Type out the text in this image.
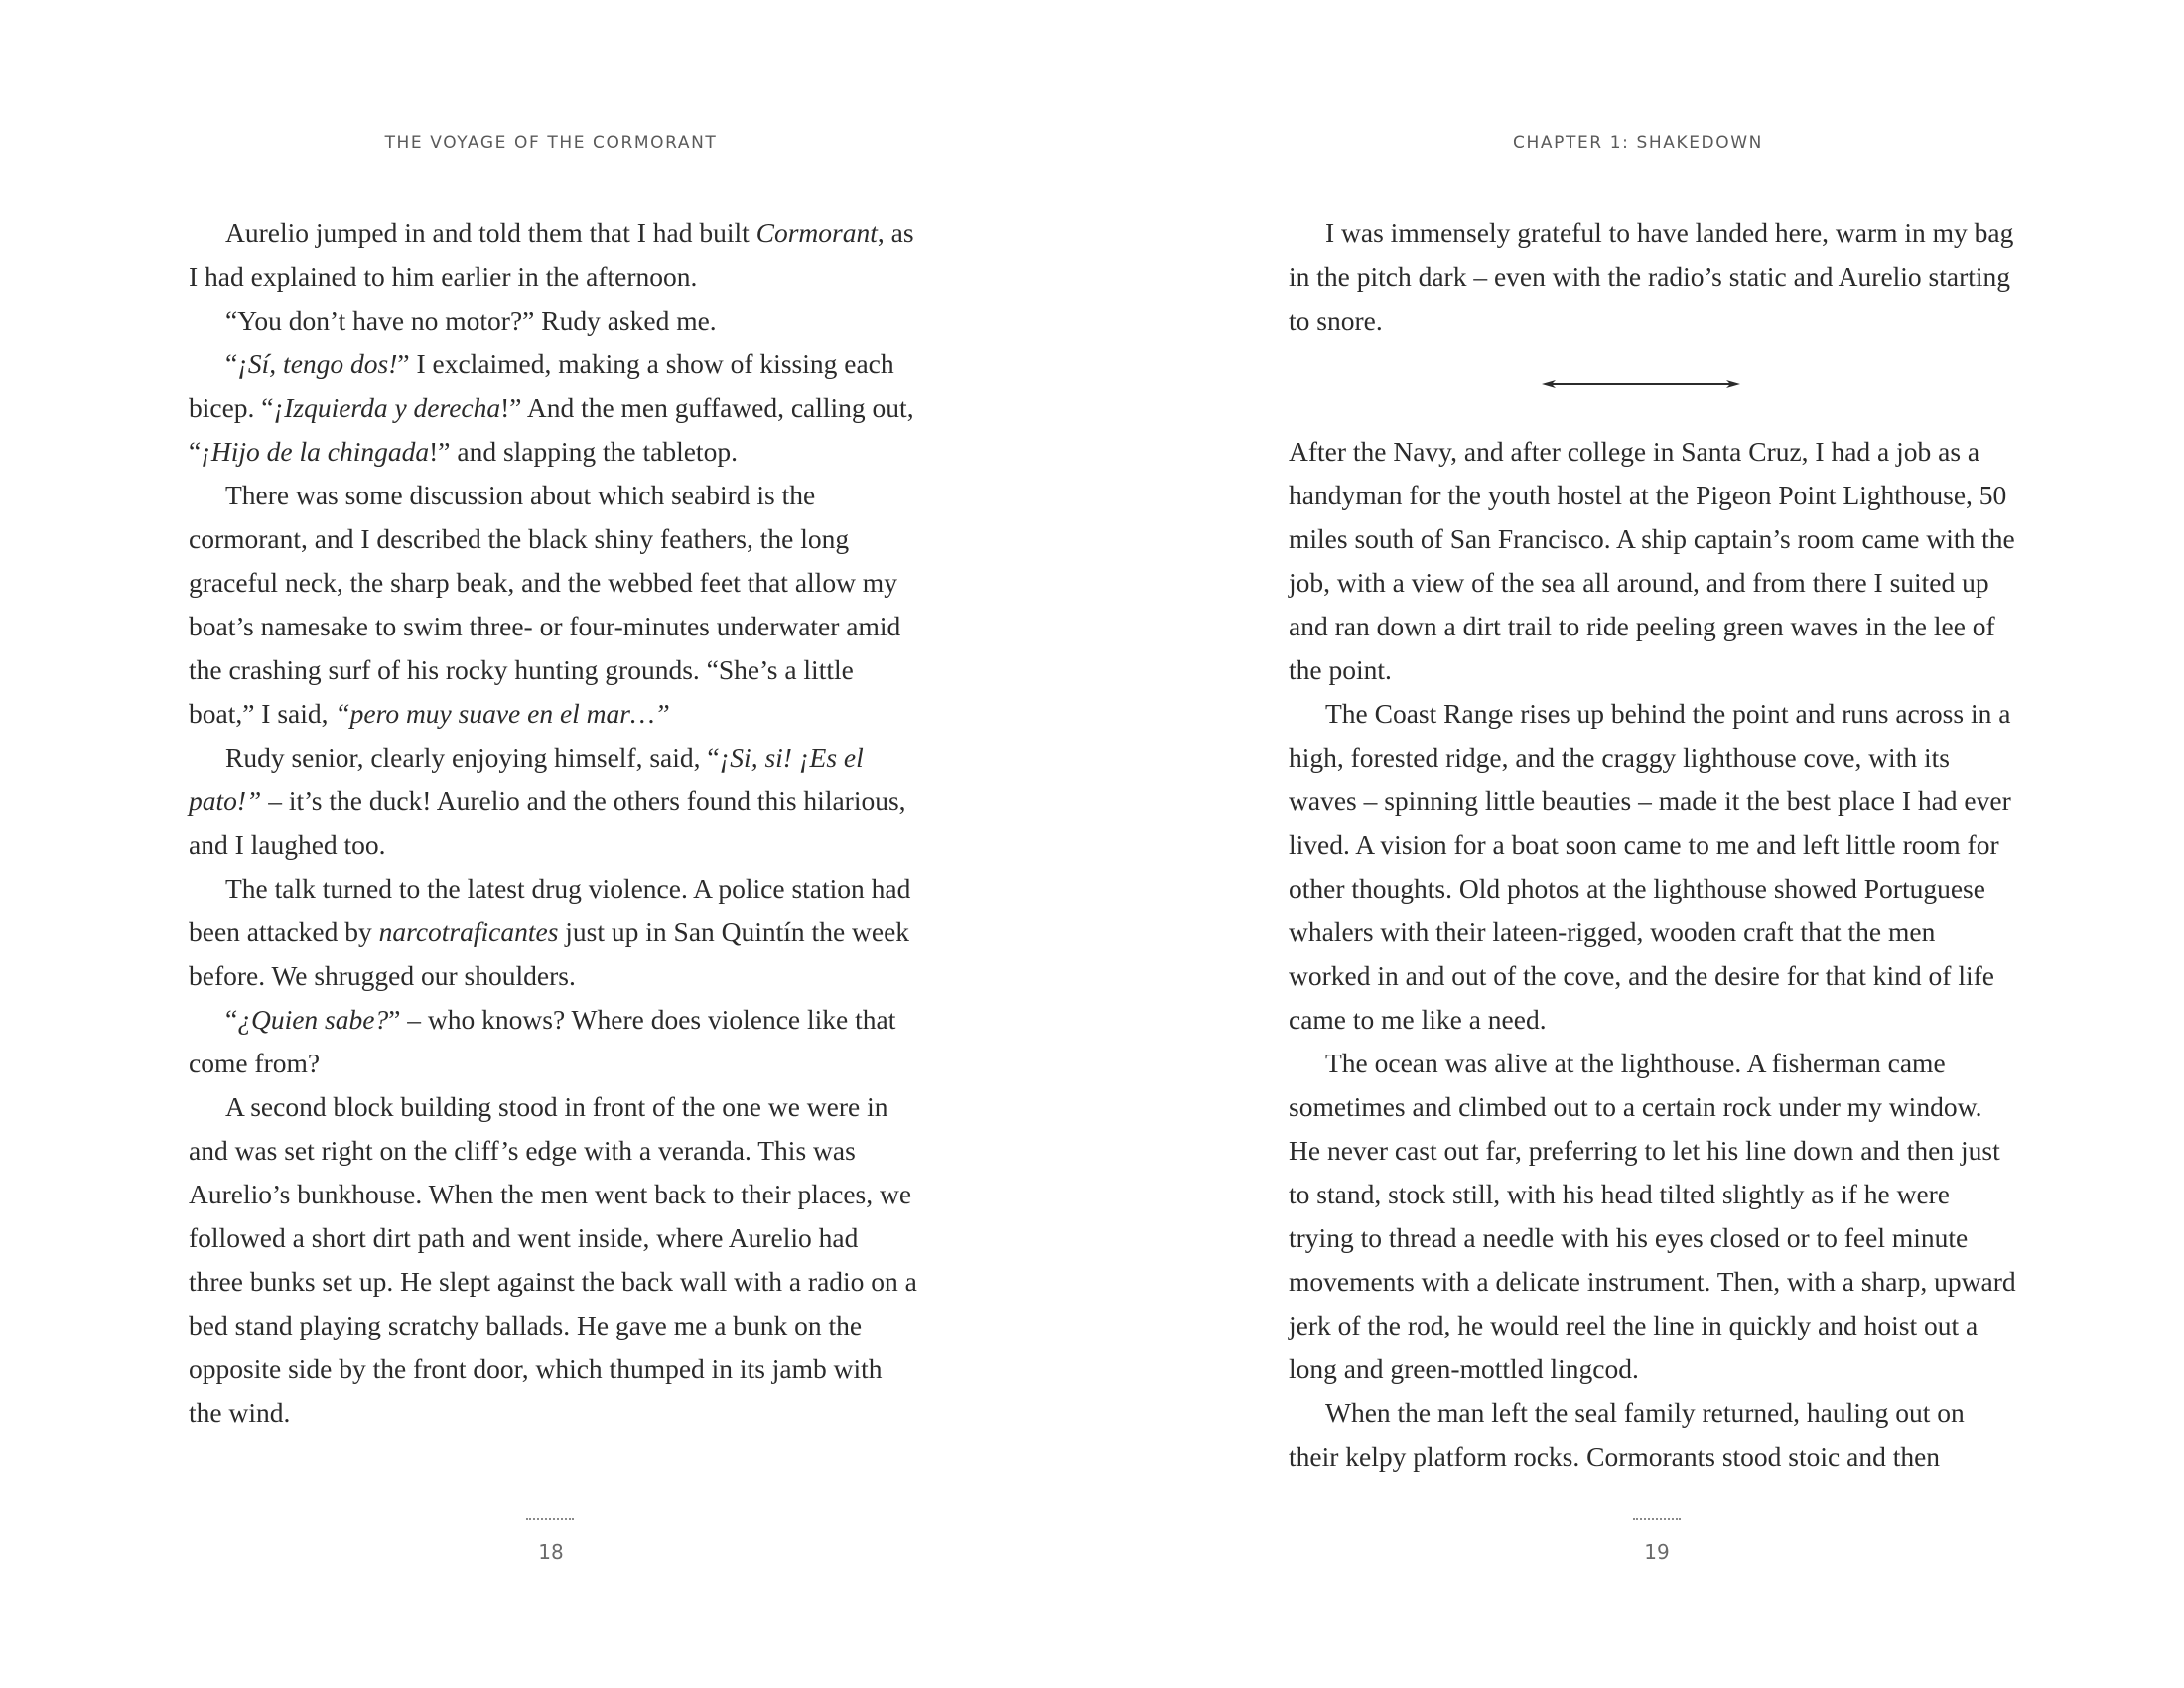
THE VOYAGE OF THE CORMORANT

Aurelio jumped in and told them that I had built Cormorant, as I had explained to him earlier in the afternoon.

“You don’t have no motor?” Rudy asked me.

“¡Sí, tengo dos!” I exclaimed, making a show of kissing each bicep. “¡Izquierda y derecha!” And the men guffawed, calling out, “¡Hijo de la chingada!” and slapping the tabletop.

There was some discussion about which seabird is the cormorant, and I described the black shiny feathers, the long graceful neck, the sharp beak, and the webbed feet that allow my boat’s namesake to swim three- or four-minutes underwater amid the crashing surf of his rocky hunting grounds. “She’s a little boat,” I said, “pero muy suave en el mar…”

Rudy senior, clearly enjoying himself, said, “¡Si, si! ¡Es el pato!” – it’s the duck! Aurelio and the others found this hilarious, and I laughed too.

The talk turned to the latest drug violence. A police station had been attacked by narcotraficantes just up in San Quintín the week before. We shrugged our shoulders.

“¿Quien sabe?” – who knows? Where does violence like that come from?

A second block building stood in front of the one we were in and was set right on the cliff’s edge with a veranda. This was Aurelio’s bunkhouse. When the men went back to their places, we followed a short dirt path and went inside, where Aurelio had three bunks set up. He slept against the back wall with a radio on a bed stand playing scratchy ballads. He gave me a bunk on the opposite side by the front door, which thumped in its jamb with the wind.

18
CHAPTER 1: SHAKEDOWN

I was immensely grateful to have landed here, warm in my bag in the pitch dark – even with the radio’s static and Aurelio starting to snore.

After the Navy, and after college in Santa Cruz, I had a job as a handyman for the youth hostel at the Pigeon Point Lighthouse, 50 miles south of San Francisco. A ship captain’s room came with the job, with a view of the sea all around, and from there I suited up and ran down a dirt trail to ride peeling green waves in the lee of the point.

The Coast Range rises up behind the point and runs across in a high, forested ridge, and the craggy lighthouse cove, with its waves – spinning little beauties – made it the best place I had ever lived. A vision for a boat soon came to me and left little room for other thoughts. Old photos at the lighthouse showed Portuguese whalers with their lateen-rigged, wooden craft that the men worked in and out of the cove, and the desire for that kind of life came to me like a need.

The ocean was alive at the lighthouse. A fisherman came sometimes and climbed out to a certain rock under my window. He never cast out far, preferring to let his line down and then just to stand, stock still, with his head tilted slightly as if he were trying to thread a needle with his eyes closed or to feel minute movements with a delicate instrument. Then, with a sharp, upward jerk of the rod, he would reel the line in quickly and hoist out a long and green-mottled lingcod.

When the man left the seal family returned, hauling out on their kelpy platform rocks. Cormorants stood stoic and then

19
